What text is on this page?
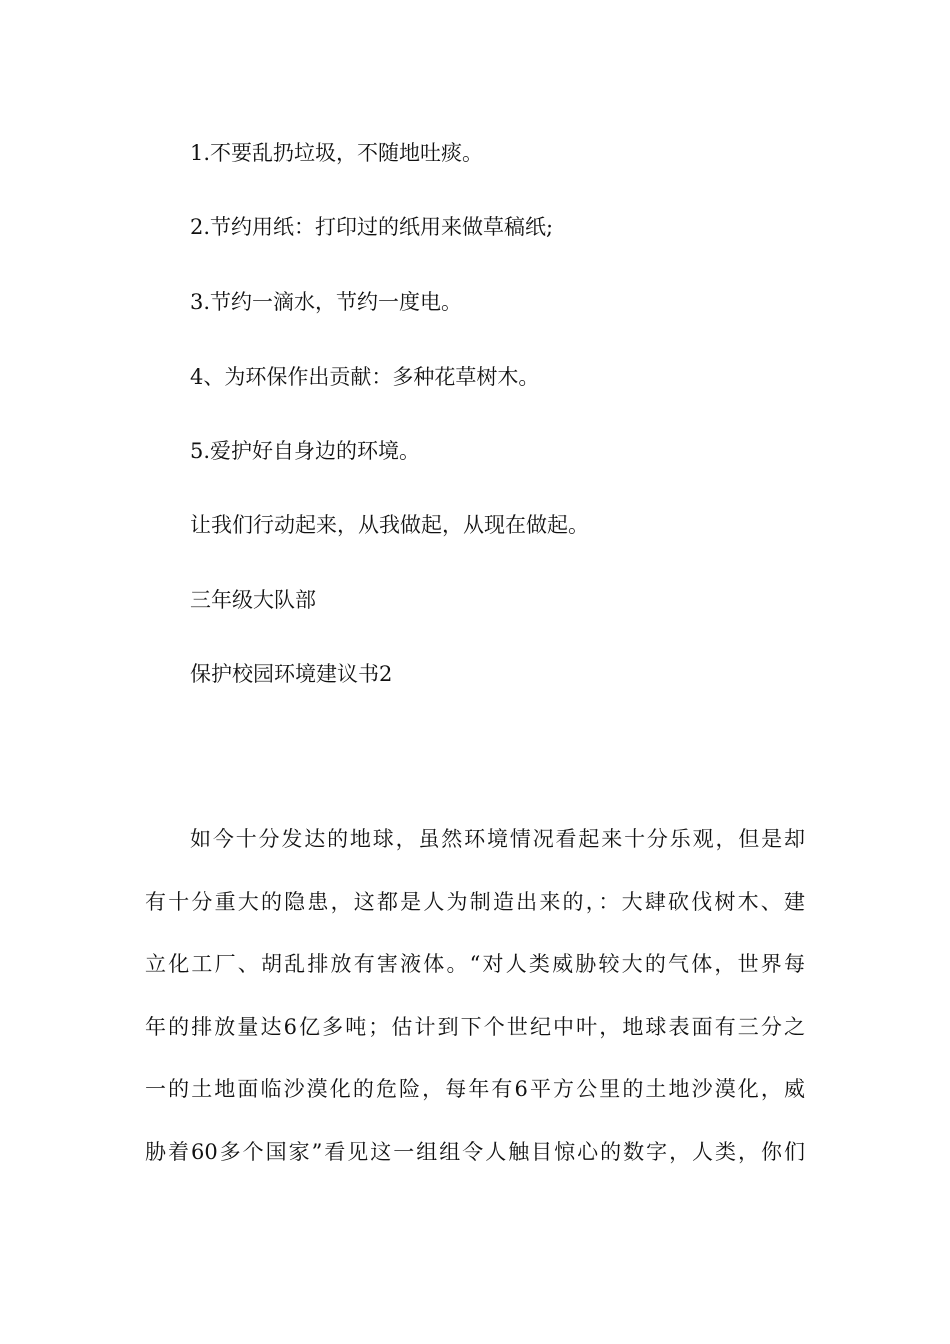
1.不要乱扔垃圾，不随地吐痰。
2.节约用纸：打印过的纸用来做草稿纸;
3.节约一滴水，节约一度电。
4、为环保作出贡献：多种花草树木。
5.爱护好自身边的环境。
让我们行动起来，从我做起，从现在做起。
三年级大队部
保护校园环境建议书2
如今十分发达的地球，虽然环境情况看起来十分乐观，但是却
有十分重大的隐患，这都是人为制造出来的，：大肆砍伐树木、建
立化工厂、胡乱排放有害液体。“对人类威胁较大的气体，世界每
年的排放量达6亿多吨；估计到下个世纪中叶，地球表面有三分之
一的土地面临沙漠化的危险，每年有6平方公里的土地沙漠化，威
胁着60多个国家”看见这一组组令人触目惊心的数字，人类，你们
